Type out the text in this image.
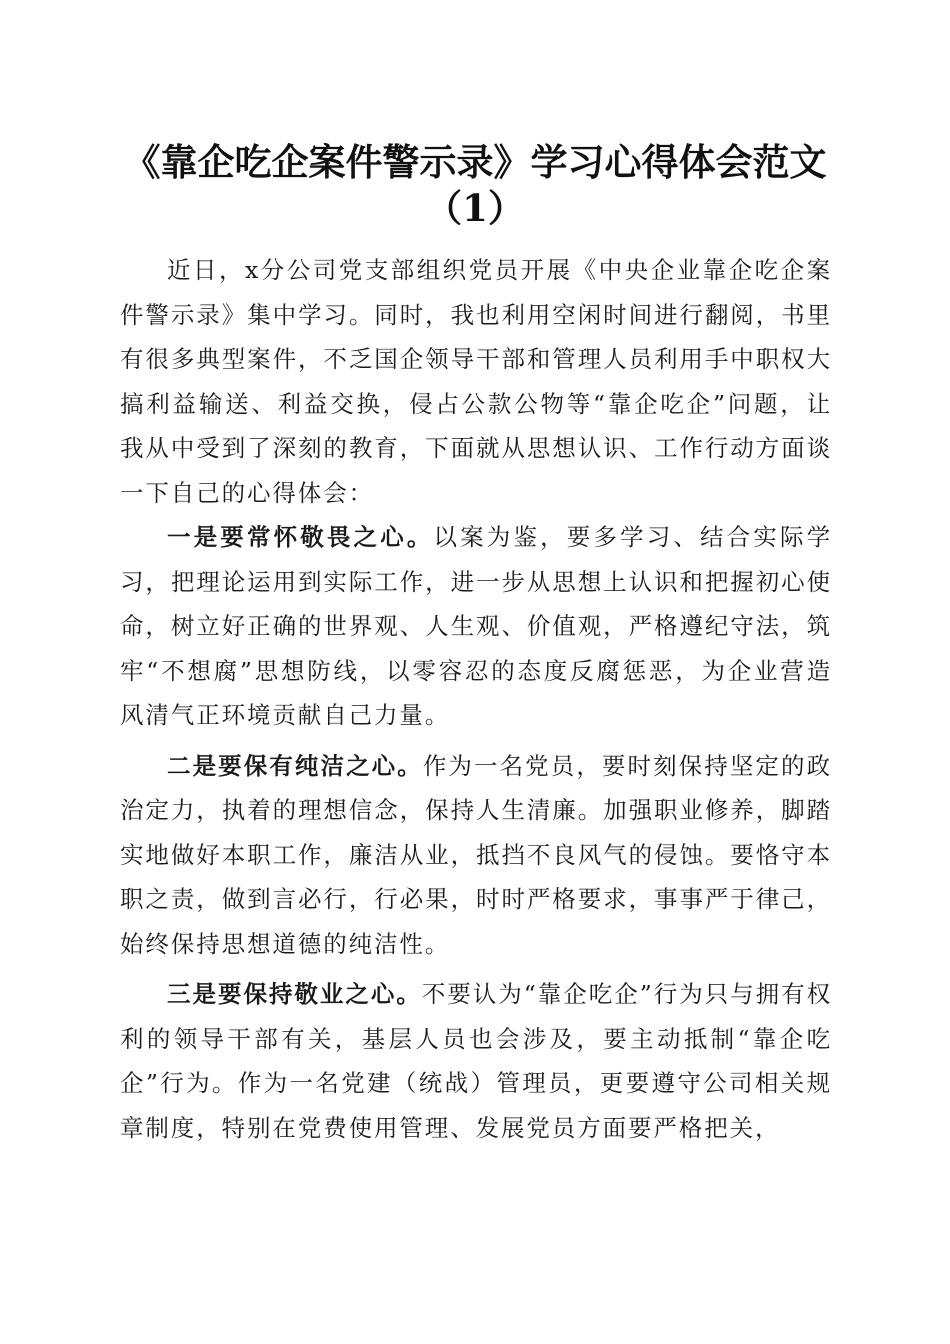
《靠企吃企案件警示录》学习心得体会范文
（1）

近日，x分公司党支部组织党员开展《中央企业靠企吃企案件警示录》集中学习。同时，我也利用空闲时间进行翻阅，书里有很多典型案件，不乏国企领导干部和管理人员利用手中职权大搞利益输送、利益交换，侵占公款公物等“靠企吃企”问题，让我从中受到了深刻的教育，下面就从思想认识、工作行动方面谈一下自己的心得体会：

一是要常怀敬畏之心。以案为鉴，要多学习、结合实际学习，把理论运用到实际工作，进一步从思想上认识和把握初心使命，树立好正确的世界观、人生观、价值观，严格遵纪守法，筑牢“不想腐”思想防线，以零容忍的态度反腐惩恶，为企业营造风清气正环境贡献自己力量。

二是要保有纯洁之心。作为一名党员，要时刻保持坚定的政治定力，执着的理想信念，保持人生清廉。加强职业修养，脚踏实地做好本职工作，廉洁从业，抵挡不良风气的侵蚀。要恪守本职之责，做到言必行，行必果，时时严格要求，事事严于律己，始终保持思想道德的纯洁性。

三是要保持敬业之心。不要认为“靠企吃企”行为只与拥有权利的领导干部有关，基层人员也会涉及，要主动抵制“靠企吃企”行为。作为一名党建（统战）管理员，更要遵守公司相关规章制度，特别在党费使用管理、发展党员方面要严格把关，
